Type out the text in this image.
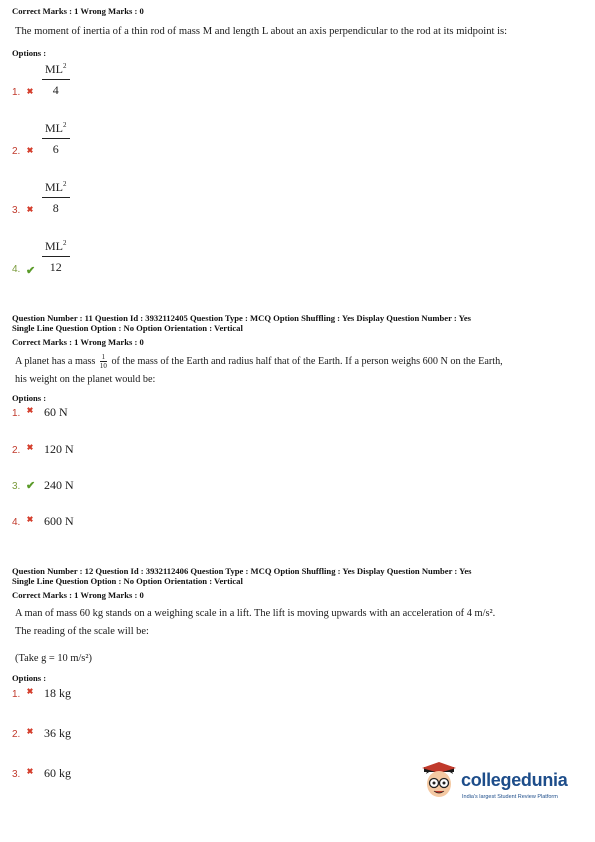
Correct Marks : 1 Wrong Marks : 0
The moment of inertia of a thin rod of mass M and length L about an axis perpendicular to the rod at its midpoint is:
Options :
1. ✖ $\frac{ML^2}{4}$
2. ✖ $\frac{ML^2}{6}$
3. ✖ $\frac{ML^2}{8}$
4. ✔ $\frac{ML^2}{12}$
Question Number : 11 Question Id : 3932112405 Question Type : MCQ Option Shuffling : Yes Display Question Number : Yes
Single Line Question Option : No Option Orientation : Vertical
Correct Marks : 1 Wrong Marks : 0
A planet has a mass $\frac{1}{10}$ of the mass of the Earth and radius half that of the Earth. If a person weighs 600 N on the Earth,
his weight on the planet would be:
Options :
1. ✖ 60 N
2. ✖ 120 N
3. ✔ 240 N
4. ✖ 600 N
Question Number : 12 Question Id : 3932112406 Question Type : MCQ Option Shuffling : Yes Display Question Number : Yes
Single Line Question Option : No Option Orientation : Vertical
Correct Marks : 1 Wrong Marks : 0
A man of mass 60 kg stands on a weighing scale in a lift. The lift is moving upwards with an acceleration of 4 m/s².
The reading of the scale will be:
(Take g = 10 m/s²)
Options :
1. ✖ 18 kg
2. ✖ 36 kg
3. ✖ 60 kg	collegedunia
India's largest Student Review Platform
